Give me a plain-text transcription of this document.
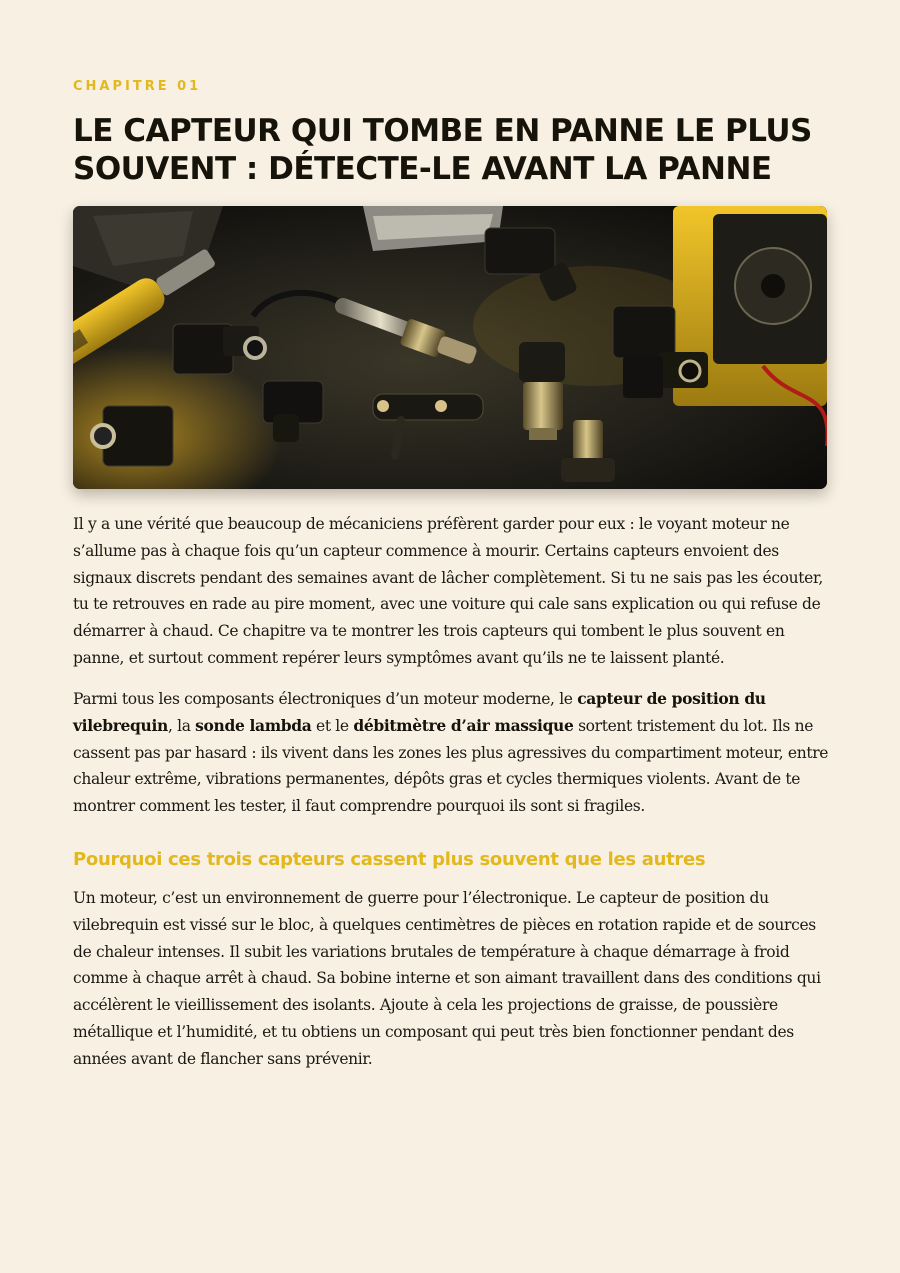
CHAPITRE 01
LE CAPTEUR QUI TOMBE EN PANNE LE PLUS SOUVENT : DÉTECTE-LE AVANT LA PANNE

Il y a une vérité que beaucoup de mécaniciens préfèrent garder pour eux : le voyant moteur ne s’allume pas à chaque fois qu’un capteur commence à mourir. Certains capteurs envoient des signaux discrets pendant des semaines avant de lâcher complètement. Si tu ne sais pas les écouter, tu te retrouves en rade au pire moment, avec une voiture qui cale sans explication ou qui refuse de démarrer à chaud. Ce chapitre va te montrer les trois capteurs qui tombent le plus souvent en panne, et surtout comment repérer leurs symptômes avant qu’ils ne te laissent planté.

Parmi tous les composants électroniques d’un moteur moderne, le capteur de position du vilebrequin, la sonde lambda et le débitmètre d’air massique sortent tristement du lot. Ils ne cassent pas par hasard : ils vivent dans les zones les plus agressives du compartiment moteur, entre chaleur extrême, vibrations permanentes, dépôts gras et cycles thermiques violents. Avant de te montrer comment les tester, il faut comprendre pourquoi ils sont si fragiles.

Pourquoi ces trois capteurs cassent plus souvent que les autres

Un moteur, c’est un environnement de guerre pour l’électronique. Le capteur de position du vilebrequin est vissé sur le bloc, à quelques centimètres de pièces en rotation rapide et de sources de chaleur intenses. Il subit les variations brutales de température à chaque démarrage à froid comme à chaque arrêt à chaud. Sa bobine interne et son aimant travaillent dans des conditions qui accélèrent le vieillissement des isolants. Ajoute à cela les projections de graisse, de poussière métallique et l’humidité, et tu obtiens un composant qui peut très bien fonctionner pendant des années avant de flancher sans prévenir.
